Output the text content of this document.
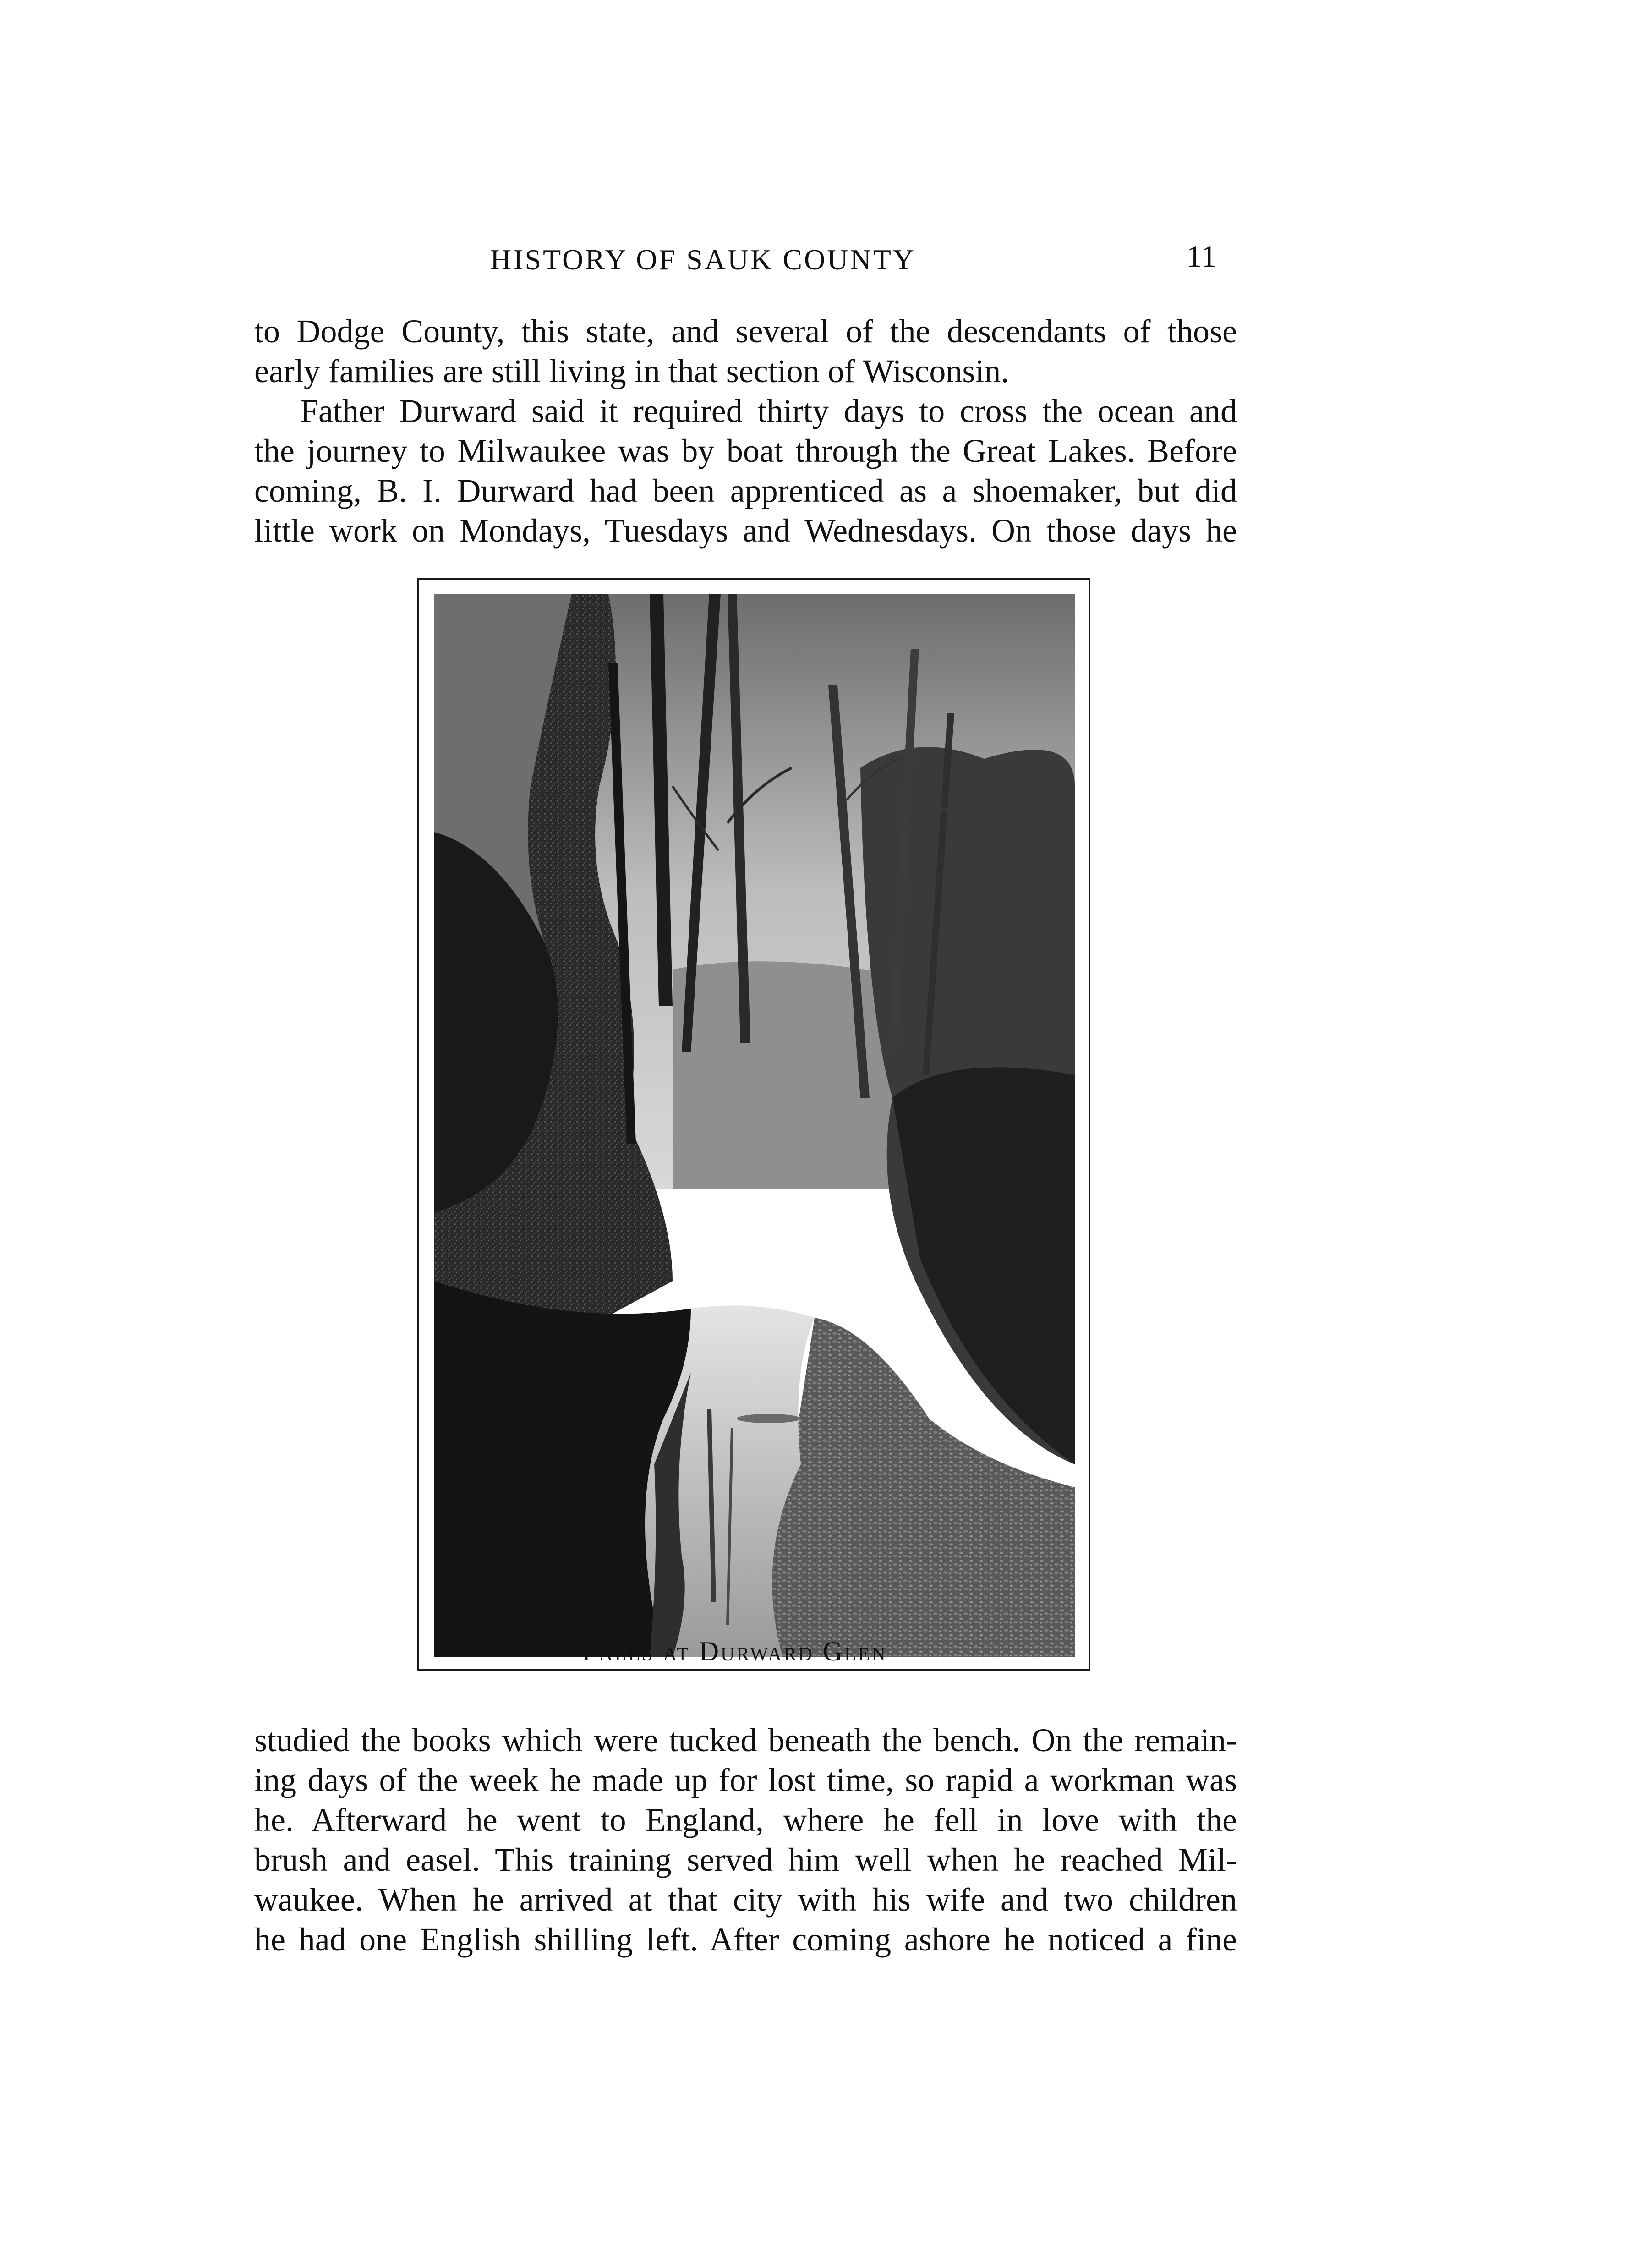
HISTORY OF SAUK COUNTY	11
to Dodge County, this state, and several of the descendants of those
early families are still living in that section of Wisconsin.
Father Durward said it required thirty days to cross the ocean and
the journey to Milwaukee was by boat through the Great Lakes. Before
coming, B. I. Durward had been apprenticed as a shoemaker, but did
little work on Mondays, Tuesdays and Wednesdays. On those days he
Falls at Durward Glen
studied the books which were tucked beneath the bench. On the remain-
ing days of the week he made up for lost time, so rapid a workman was
he. Afterward he went to England, where he fell in love with the
brush and easel. This training served him well when he reached Mil-
waukee. When he arrived at that city with his wife and two children
he had one English shilling left. After coming ashore he noticed a fine
